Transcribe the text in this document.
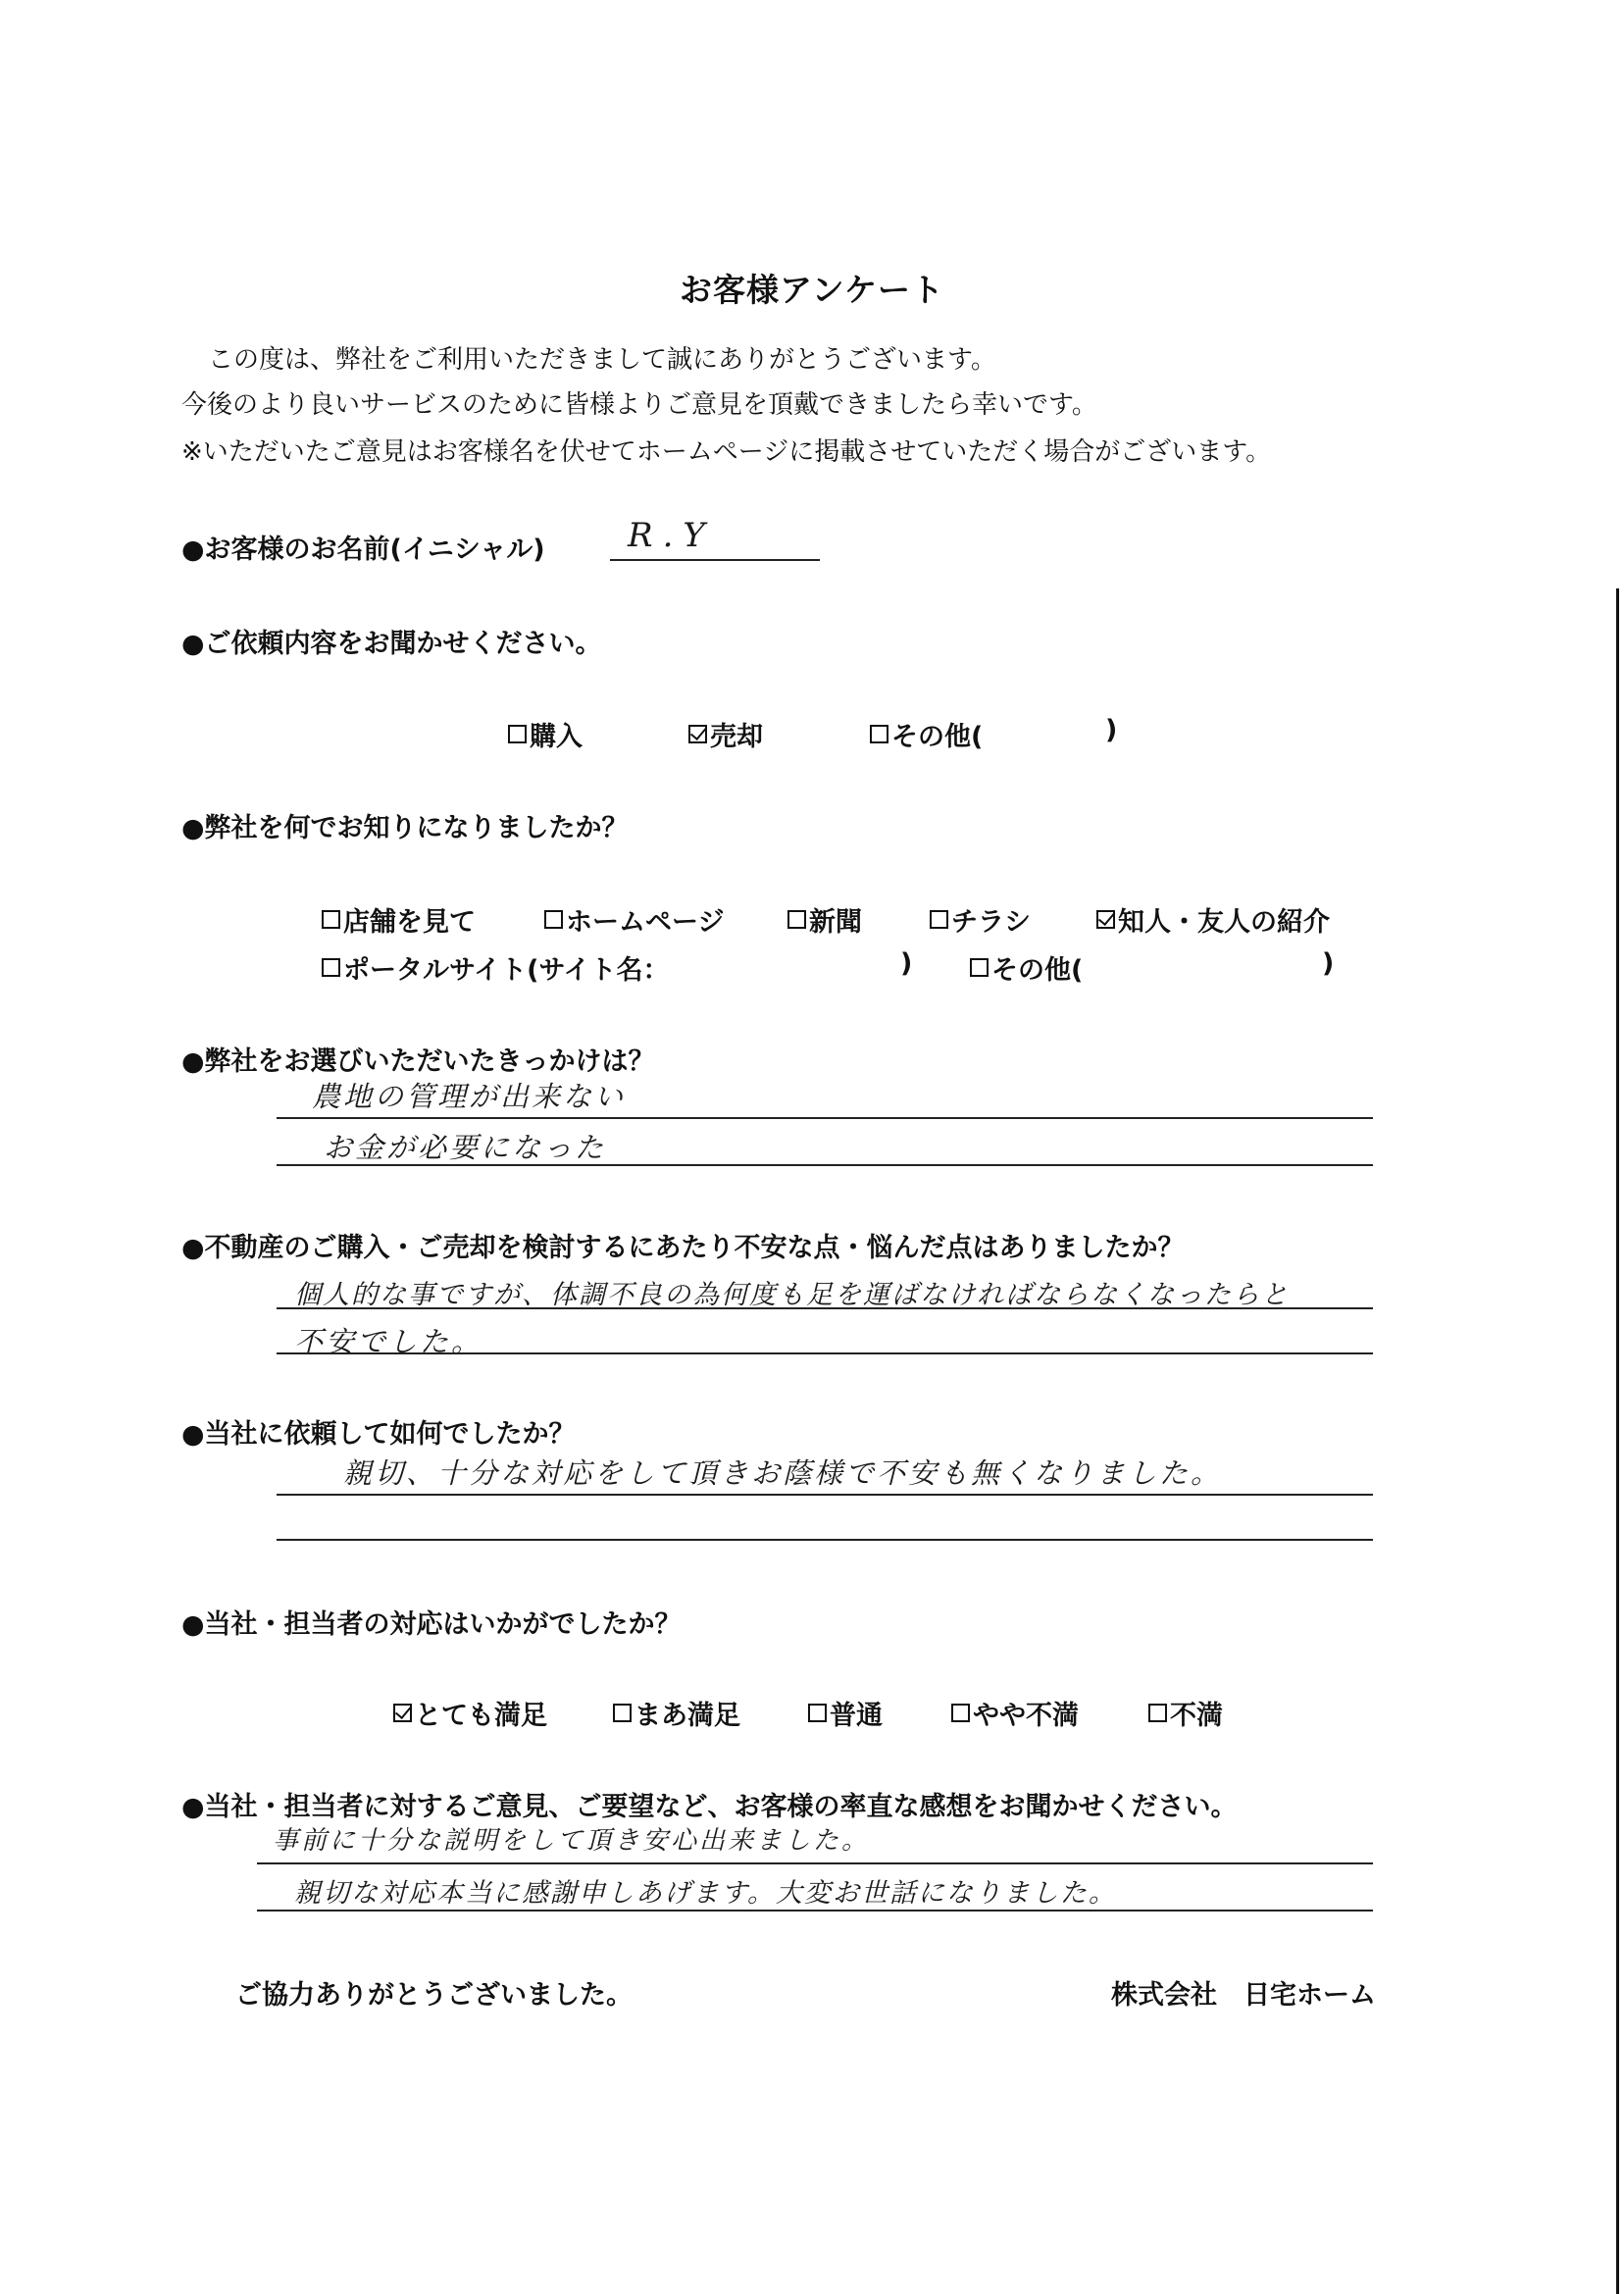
お客様アンケート
この度は、弊社をご利用いただきまして誠にありがとうございます。
今後のより良いサービスのために皆様よりご意見を頂戴できましたら幸いです。
※いただいたご意見はお客様名を伏せてホームページに掲載させていただく場合がございます。
●お客様のお名前(イニシャル) R.Y
●ご依頼内容をお聞かせください。
購入	売却	その他(	)
●弊社を何でお知りになりましたか？
店舗を見て	ホームページ	新聞	チラシ	知人・友人の紹介
ポータルサイト(サイト名：	)	その他(	)
●弊社をお選びいただいたきっかけは？
農地の管理が出来ない
お金が必要になった
●不動産のご購入・ご売却を検討するにあたり不安な点・悩んだ点はありましたか？
個人的な事ですが、体調不良の為何度も足を運ばなければならなくなったらと
不安でした。
●当社に依頼して如何でしたか？
親切、十分な対応をして頂きお蔭様で不安も無くなりました。
●当社・担当者の対応はいかがでしたか？
とても満足	まあ満足	普通	やや不満	不満
●当社・担当者に対するご意見、ご要望など、お客様の率直な感想をお聞かせください。
事前に十分な説明をして頂き安心出来ました。
親切な対応本当に感謝申しあげます。大変お世話になりました。
ご協力ありがとうございました。	株式会社　日宅ホーム
